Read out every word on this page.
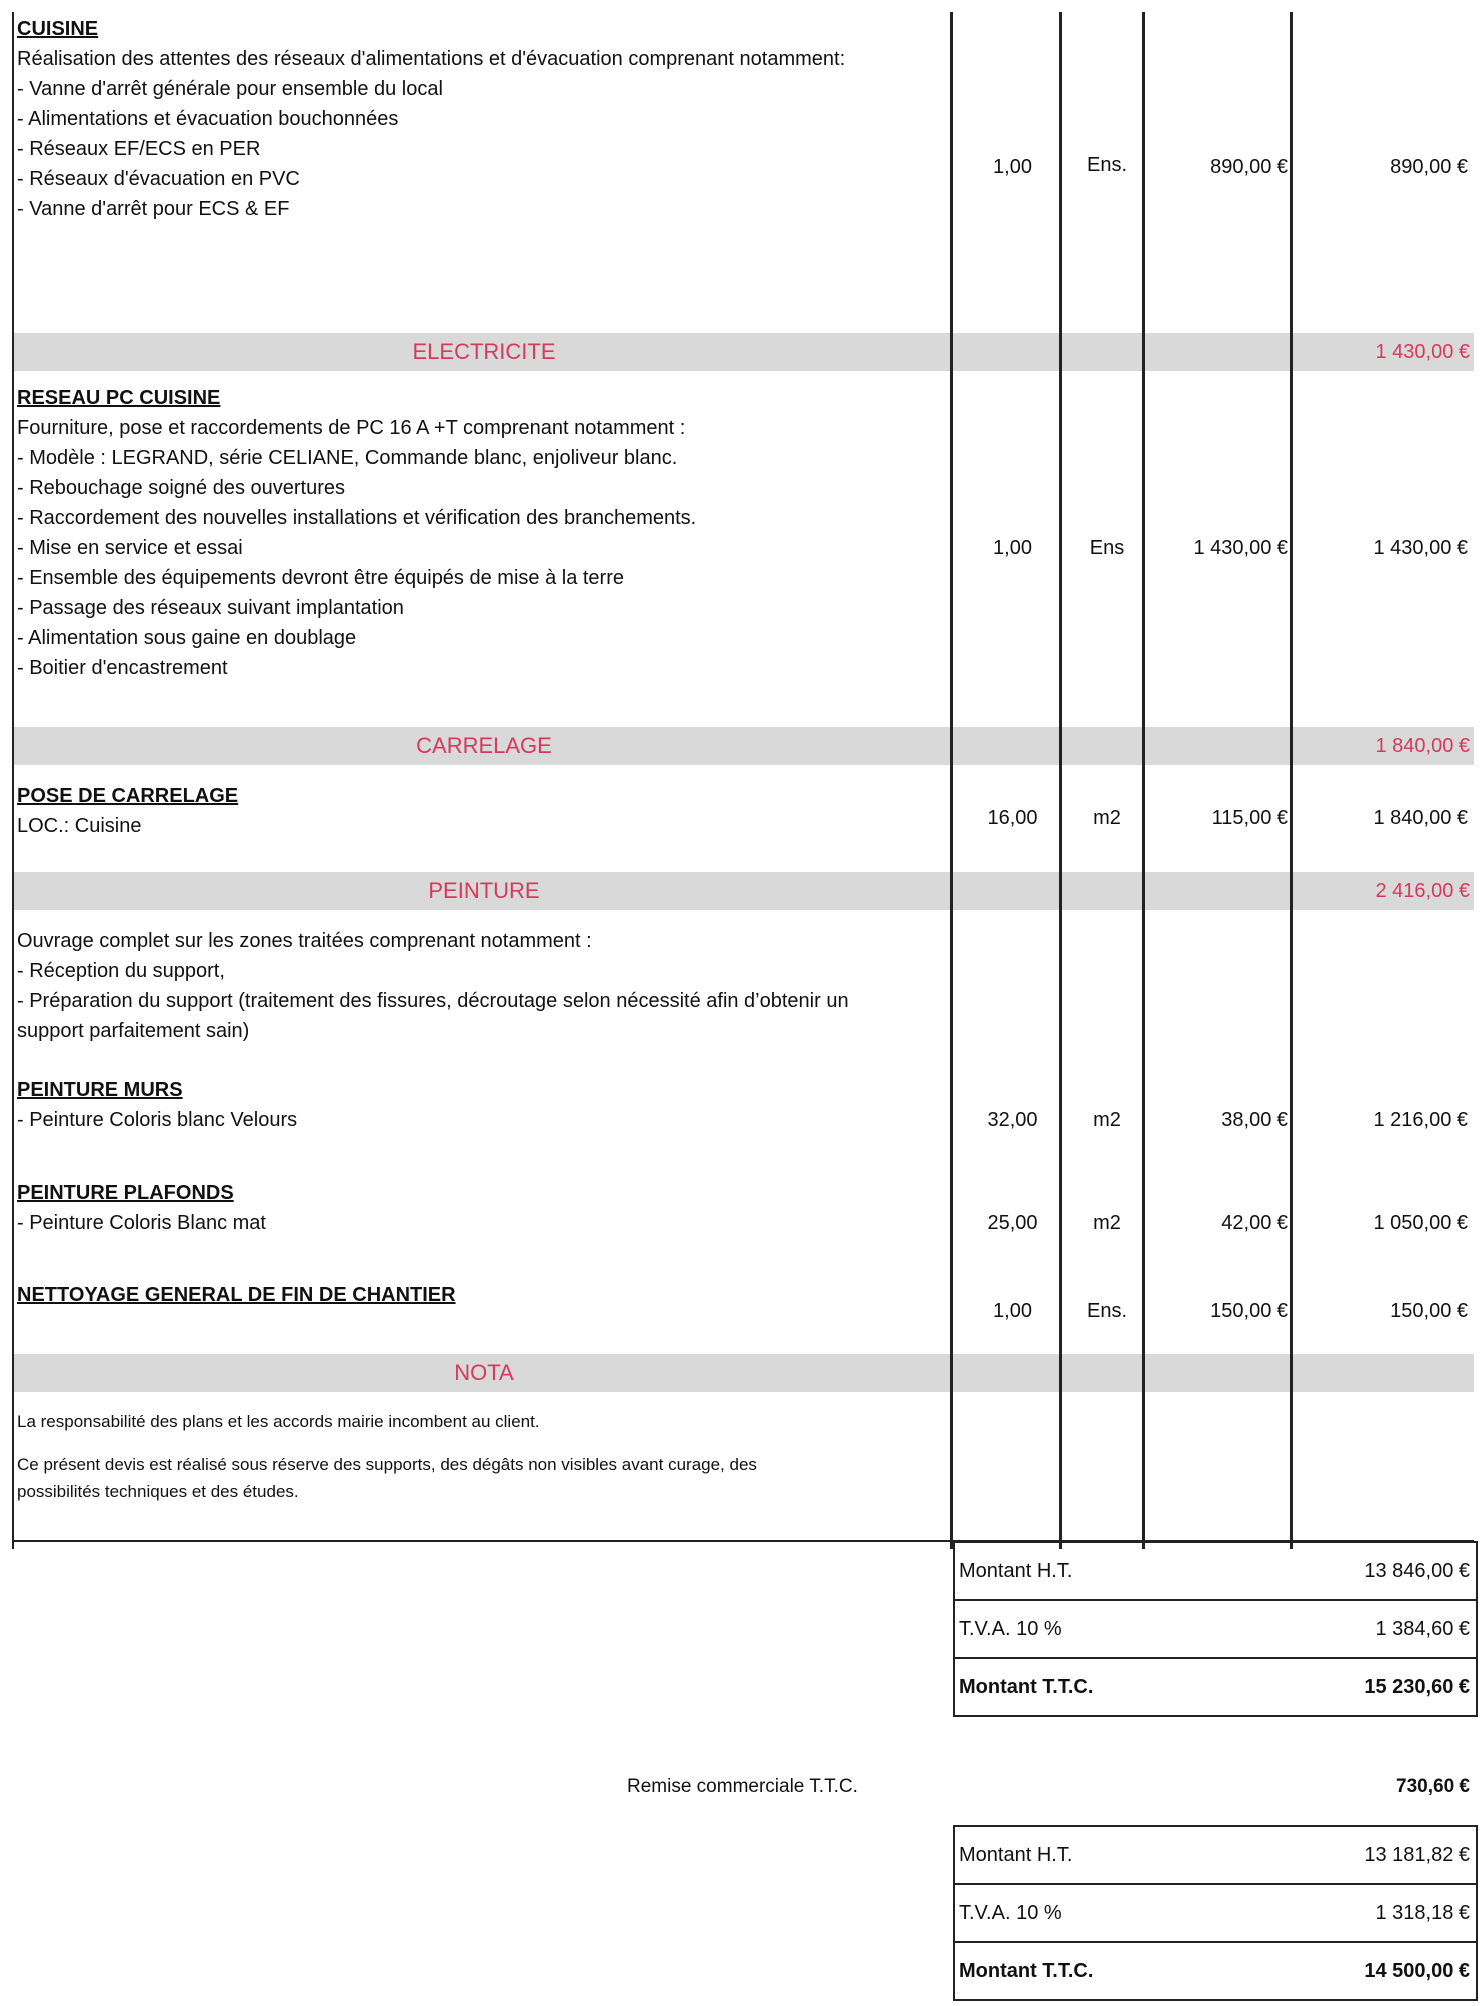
CUISINE
Réalisation des attentes des réseaux d'alimentations et d'évacuation comprenant notamment:
- Vanne d'arrêt générale pour ensemble du local
- Alimentations et évacuation bouchonnées
- Réseaux EF/ECS en PER
- Réseaux d'évacuation en PVC
- Vanne d'arrêt pour ECS & EF
1,00	Ens.	890,00 €	890,00 €
ELECTRICITE	1 430,00 €
RESEAU PC CUISINE
Fourniture, pose et raccordements de PC 16 A +T comprenant notamment :
- Modèle : LEGRAND, série CELIANE, Commande blanc, enjoliveur blanc.
- Rebouchage soigné des ouvertures
- Raccordement des nouvelles installations et vérification des branchements.
- Mise en service et essai
- Ensemble des équipements devront être équipés de mise à la terre
- Passage des réseaux suivant implantation
- Alimentation sous gaine en doublage
- Boitier d'encastrement
1,00	Ens	1 430,00 €	1 430,00 €
CARRELAGE	1 840,00 €
POSE DE CARRELAGE
LOC.: Cuisine	16,00	m2	115,00 €	1 840,00 €
PEINTURE	2 416,00 €
Ouvrage complet sur les zones traitées comprenant notamment :
- Réception du support,
- Préparation du support (traitement des fissures, décroutage selon nécessité afin d’obtenir un
support parfaitement sain)
PEINTURE MURS
- Peinture Coloris blanc Velours	32,00	m2	38,00 €	1 216,00 €
PEINTURE PLAFONDS
- Peinture Coloris Blanc mat	25,00	m2	42,00 €	1 050,00 €
NETTOYAGE GENERAL DE FIN DE CHANTIER
1,00	Ens.	150,00 €	150,00 €
NOTA
La responsabilité des plans et les accords mairie incombent au client.
Ce présent devis est réalisé sous réserve des supports, des dégâts non visibles avant curage, des
possibilités techniques et des études.
Montant H.T.	13 846,00 €
T.V.A. 10 %	1 384,60 €
Montant T.T.C.	15 230,60 €
Remise commerciale T.T.C.	730,60 €
Montant H.T.	13 181,82 €
T.V.A. 10 %	1 318,18 €
Montant T.T.C.	14 500,00 €
